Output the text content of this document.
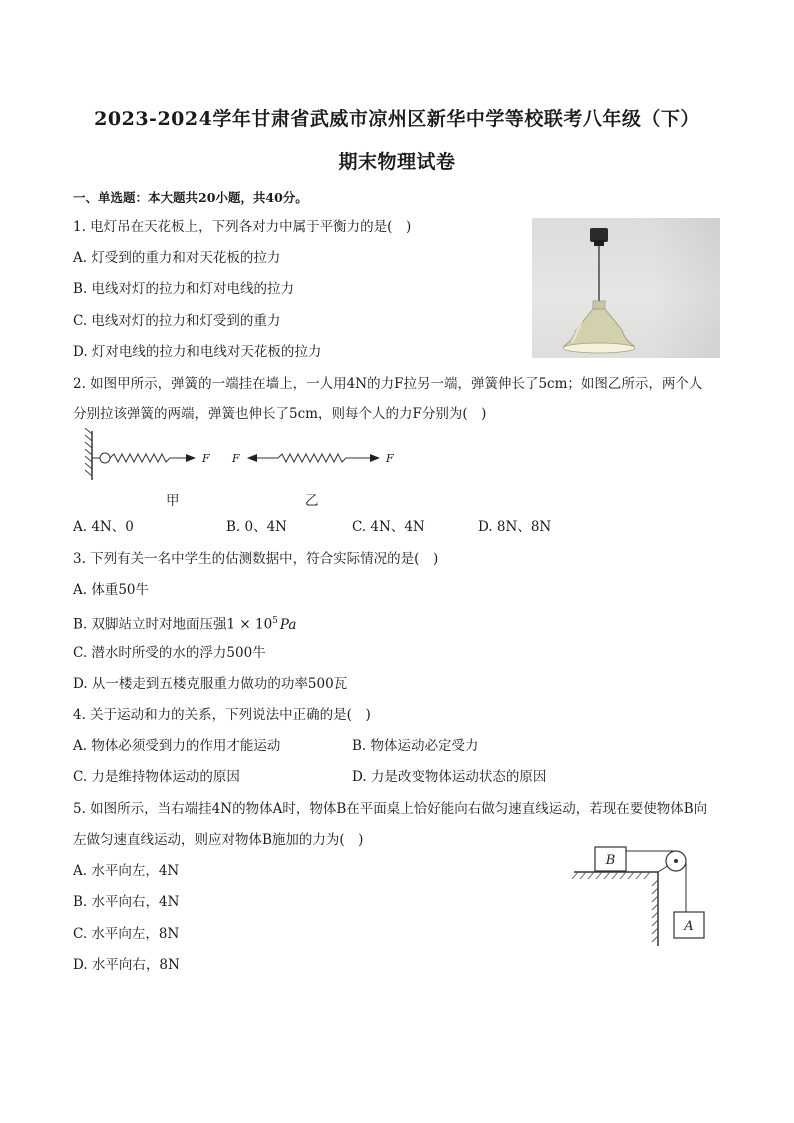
2023-2024学年甘肃省武威市凉州区新华中学等校联考八年级（下）
期末物理试卷
一、单选题：本大题共20小题，共40分。
1. 电灯吊在天花板上，下列各对力中属于平衡力的是(　)
A. 灯受到的重力和对天花板的拉力
B. 电线对灯的拉力和灯对电线的拉力
C. 电线对灯的拉力和灯受到的重力
D. 灯对电线的拉力和电线对天花板的拉力
2. 如图甲所示，弹簧的一端挂在墙上，一人用4N的力F拉另一端，弹簧伸长了5cm；如图乙所示，两个人
分别拉该弹簧的两端，弹簧也伸长了5cm，则每个人的力F分别为(　)
F F	F
甲	乙
A. 4N、0	B. 0、4N	C. 4N、4N	D. 8N、8N
3. 下列有关一名中学生的估测数据中，符合实际情况的是(　)
A. 体重50牛
B. 双脚站立时对地面压强$1 \times 10^5$ Pa
C. 潜水时所受的水的浮力500牛
D. 从一楼走到五楼克服重力做功的功率500瓦
4. 关于运动和力的关系，下列说法中正确的是(　)
A. 物体必须受到力的作用才能运动	B. 物体运动必定受力
C. 力是维持物体运动的原因	D. 力是改变物体运动状态的原因
5. 如图所示，当右端挂4N的物体A时，物体B在平面桌上恰好能向右做匀速直线运动，若现在要使物体B向
左做匀速直线运动，则应对物体B施加的力为(　)
A. 水平向左，4N
B. 水平向右，4N
C. 水平向左，8N
D. 水平向右，8N
B
A
